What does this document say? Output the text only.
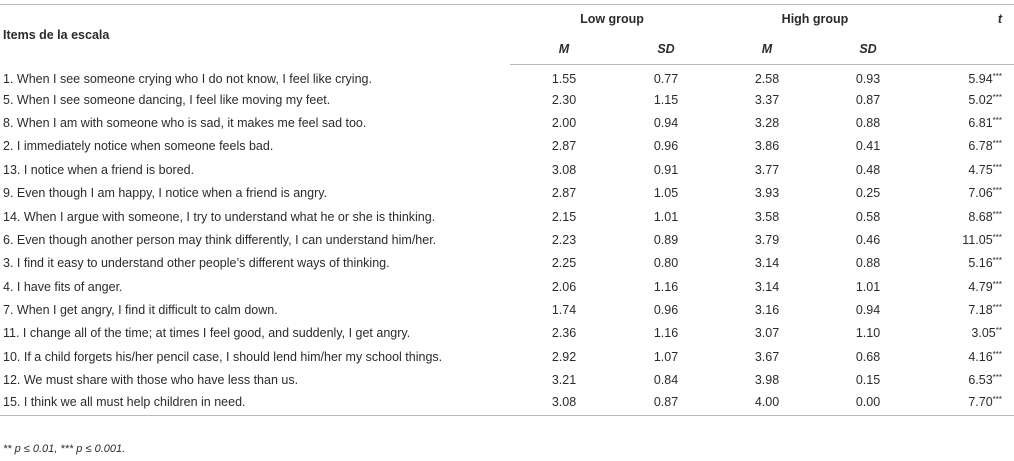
Items de la escala	Low group		High group		t
	M	SD	M	SD	
1. When I see someone crying who I do not know, I feel like crying.	1.55	0.77	2.58	0.93	5.94***
5. When I see someone dancing, I feel like moving my feet.	2.30	1.15	3.37	0.87	5.02***
8. When I am with someone who is sad, it makes me feel sad too.	2.00	0.94	3.28	0.88	6.81***
2. I immediately notice when someone feels bad.	2.87	0.96	3.86	0.41	6.78***
13. I notice when a friend is bored.	3.08	0.91	3.77	0.48	4.75***
9. Even though I am happy, I notice when a friend is angry.	2.87	1.05	3.93	0.25	7.06***
14. When I argue with someone, I try to understand what he or she is thinking.	2.15	1.01	3.58	0.58	8.68***
6. Even though another person may think differently, I can understand him/her.	2.23	0.89	3.79	0.46	11.05***
3. I find it easy to understand other people’s different ways of thinking.	2.25	0.80	3.14	0.88	5.16***
4. I have fits of anger.	2.06	1.16	3.14	1.01	4.79***
7. When I get angry, I find it difficult to calm down.	1.74	0.96	3.16	0.94	7.18***
11. I change all of the time; at times I feel good, and suddenly, I get angry.	2.36	1.16	3.07	1.10	3.05**
10. If a child forgets his/her pencil case, I should lend him/her my school things.	2.92	1.07	3.67	0.68	4.16***
12. We must share with those who have less than us.	3.21	0.84	3.98	0.15	6.53***
15. I think we all must help children in need.	3.08	0.87	4.00	0.00	7.70***
** p ≤ 0.01, *** p ≤ 0.001.
